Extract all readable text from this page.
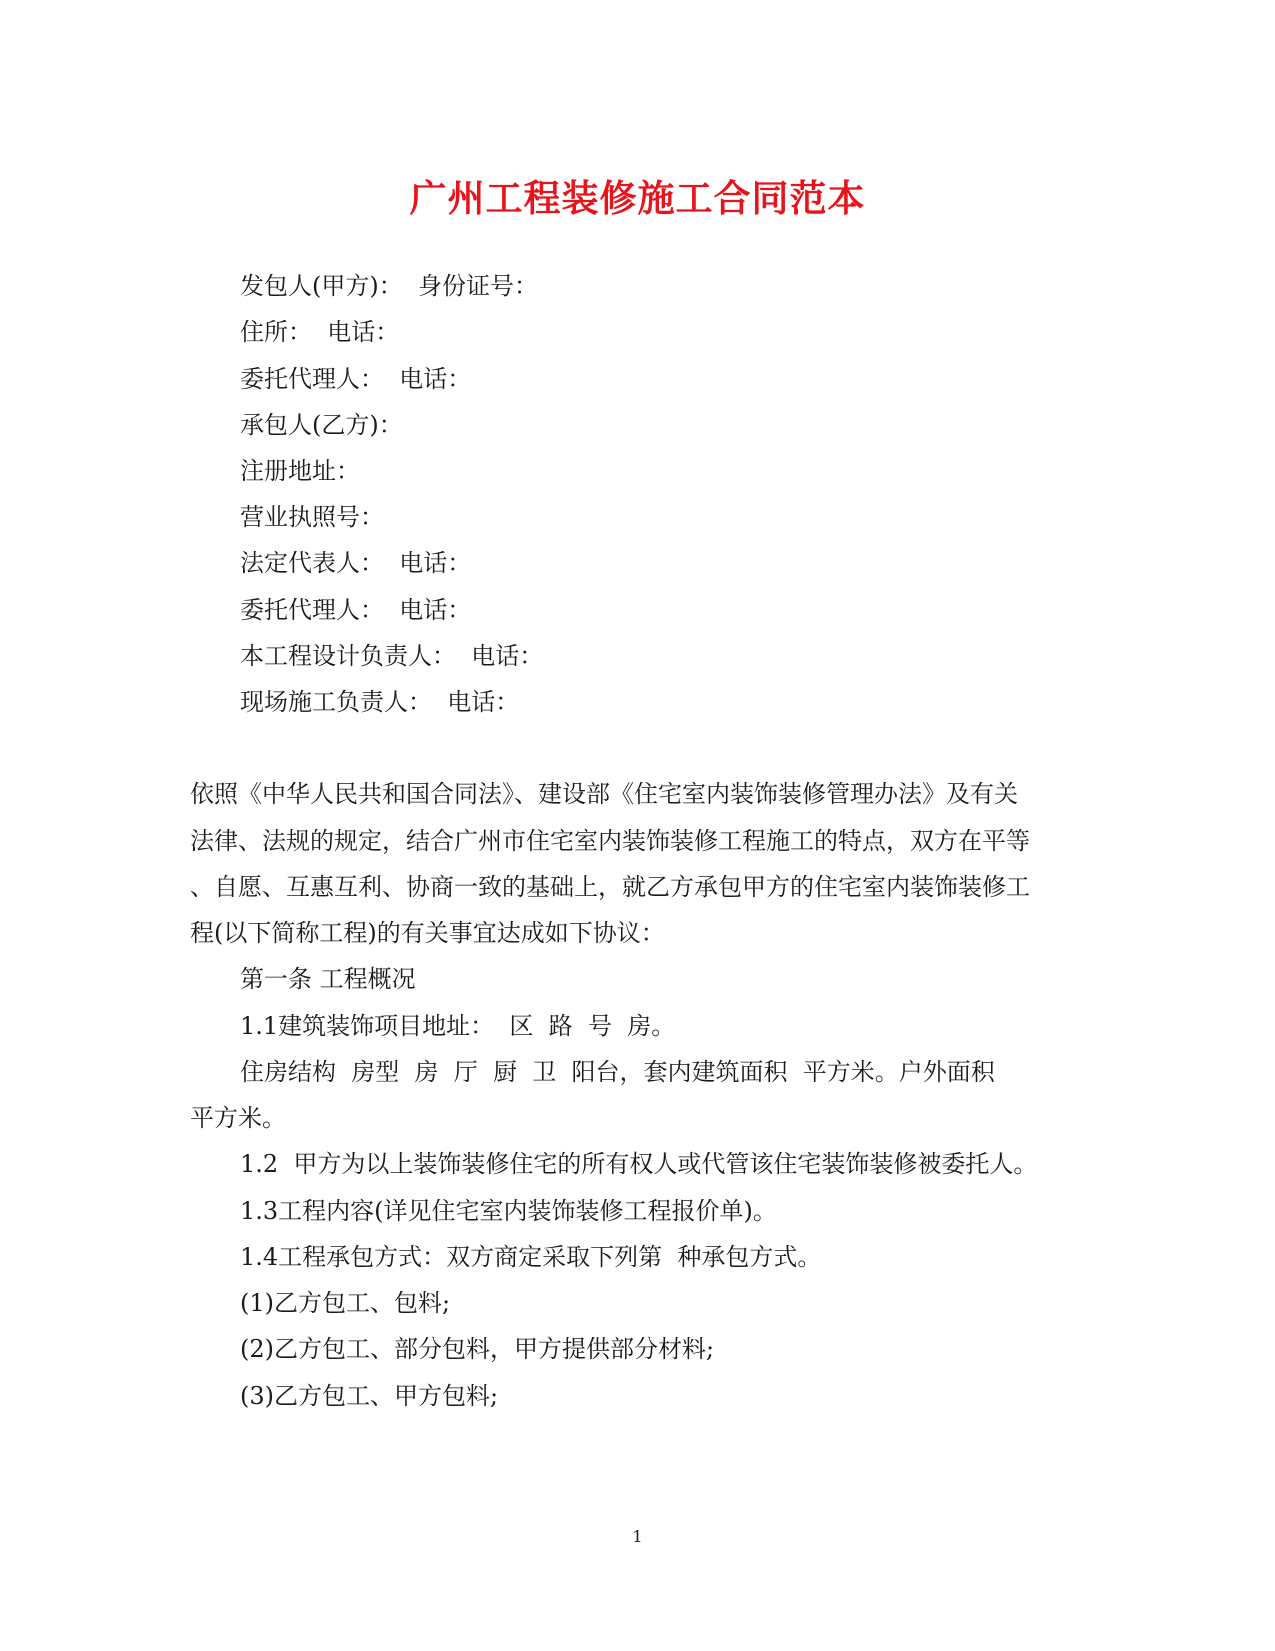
广州工程装修施工合同范本
发包人(甲方)：  身份证号：
住所：  电话：
委托代理人：  电话：
承包人(乙方)：
注册地址：
营业执照号：
法定代表人：  电话：
委托代理人：  电话：
本工程设计负责人：  电话：
现场施工负责人：  电话：
依照《中华人民共和国合同法》、建设部《住宅室内装饰装修管理办法》及有关
法律、法规的规定，结合广州市住宅室内装饰装修工程施工的特点，双方在平等
、自愿、互惠互利、协商一致的基础上，就乙方承包甲方的住宅室内装饰装修工
程(以下简称工程)的有关事宜达成如下协议：
第一条 工程概况
1.1建筑装饰项目地址：  区  路  号  房。
住房结构  房型  房  厅  厨  卫  阳台，套内建筑面积  平方米。户外面积
平方米。
1.2  甲方为以上装饰装修住宅的所有权人或代管该住宅装饰装修被委托人。
1.3工程内容(详见住宅室内装饰装修工程报价单)。
1.4工程承包方式：双方商定采取下列第  种承包方式。
(1)乙方包工、包料;
(2)乙方包工、部分包料，甲方提供部分材料;
(3)乙方包工、甲方包料;
1
